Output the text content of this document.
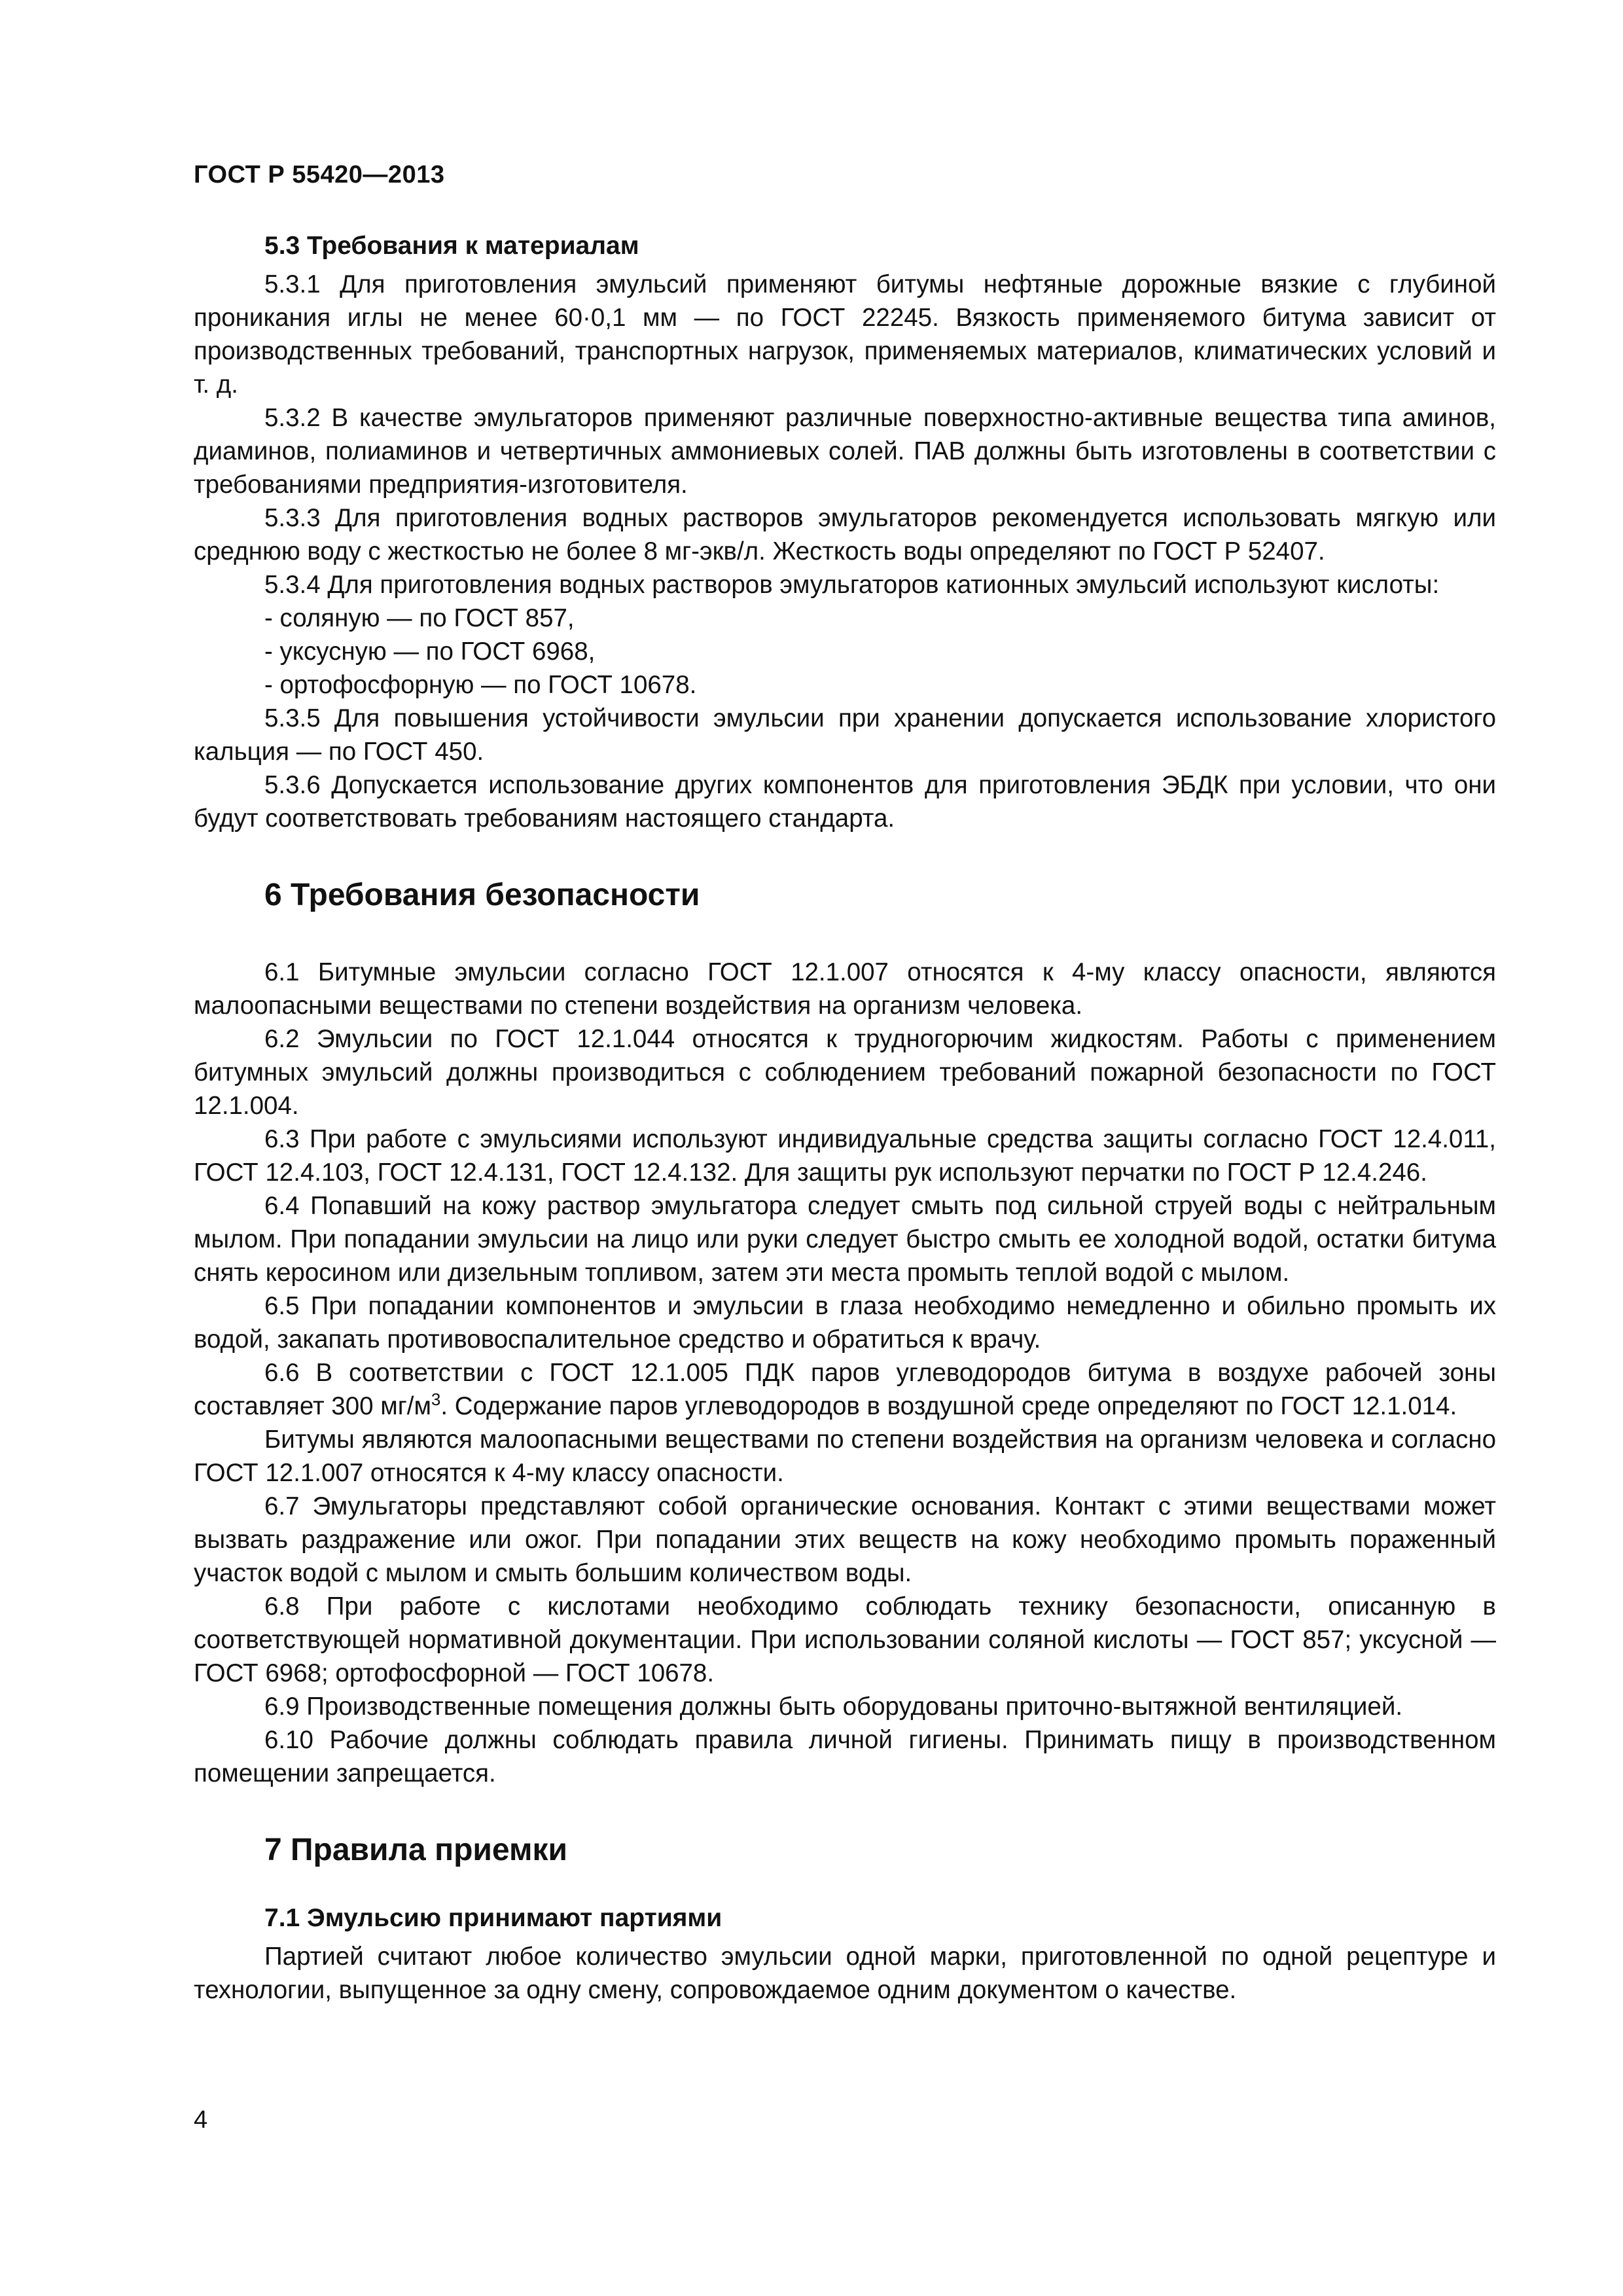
ГОСТ Р 55420—2013
5.3 Требования к материалам

5.3.1 Для приготовления эмульсий применяют битумы нефтяные дорожные вязкие с глубиной проникания иглы не менее 60·0,1 мм — по ГОСТ 22245. Вязкость применяемого битума зависит от производственных требований, транспортных нагрузок, применяемых материалов, климатических условий и т. д.

5.3.2 В качестве эмульгаторов применяют различные поверхностно-активные вещества типа аминов, диаминов, полиаминов и четвертичных аммониевых солей. ПАВ должны быть изготовлены в соответствии с требованиями предприятия-изготовителя.

5.3.3 Для приготовления водных растворов эмульгаторов рекомендуется использовать мягкую или среднюю воду с жесткостью не более 8 мг-экв/л. Жесткость воды определяют по ГОСТ Р 52407.

5.3.4 Для приготовления водных растворов эмульгаторов катионных эмульсий используют кислоты:

- соляную — по ГОСТ 857,

- уксусную — по ГОСТ 6968,

- ортофосфорную — по ГОСТ 10678.

5.3.5 Для повышения устойчивости эмульсии при хранении допускается использование хлористого кальция — по ГОСТ 450.

5.3.6 Допускается использование других компонентов для приготовления ЭБДК при условии, что они будут соответствовать требованиям настоящего стандарта.

6 Требования безопасности

6.1 Битумные эмульсии согласно ГОСТ 12.1.007 относятся к 4-му классу опасности, являются малоопасными веществами по степени воздействия на организм человека.

6.2 Эмульсии по ГОСТ 12.1.044 относятся к трудногорючим жидкостям. Работы с применением битумных эмульсий должны производиться с соблюдением требований пожарной безопасности по ГОСТ 12.1.004.

6.3 При работе с эмульсиями используют индивидуальные средства защиты согласно ГОСТ 12.4.011, ГОСТ 12.4.103, ГОСТ 12.4.131, ГОСТ 12.4.132. Для защиты рук используют перчатки по ГОСТ Р 12.4.246.

6.4 Попавший на кожу раствор эмульгатора следует смыть под сильной струей воды с нейтральным мылом. При попадании эмульсии на лицо или руки следует быстро смыть ее холодной водой, остатки битума снять керосином или дизельным топливом, затем эти места промыть теплой водой с мылом.

6.5 При попадании компонентов и эмульсии в глаза необходимо немедленно и обильно промыть их водой, закапать противовоспалительное средство и обратиться к врачу.

6.6 В соответствии с ГОСТ 12.1.005 ПДК паров углеводородов битума в воздухе рабочей зоны составляет 300 $мг/м^3$. Содержание паров углеводородов в воздушной среде определяют по ГОСТ 12.1.014.

Битумы являются малоопасными веществами по степени воздействия на организм человека и согласно ГОСТ 12.1.007 относятся к 4-му классу опасности.

6.7 Эмульгаторы представляют собой органические основания. Контакт с этими веществами может вызвать раздражение или ожог. При попадании этих веществ на кожу необходимо промыть пораженный участок водой с мылом и смыть большим количеством воды.

6.8 При работе с кислотами необходимо соблюдать технику безопасности, описанную в соответствующей нормативной документации. При использовании соляной кислоты — ГОСТ 857; уксусной — ГОСТ 6968; ортофосфорной — ГОСТ 10678.

6.9 Производственные помещения должны быть оборудованы приточно-вытяжной вентиляцией.

6.10 Рабочие должны соблюдать правила личной гигиены. Принимать пищу в производственном помещении запрещается.

7 Правила приемки
7.1 Эмульсию принимают партиями

Партией считают любое количество эмульсии одной марки, приготовленной по одной рецептуре и технологии, выпущенное за одну смену, сопровождаемое одним документом о качестве.

4
